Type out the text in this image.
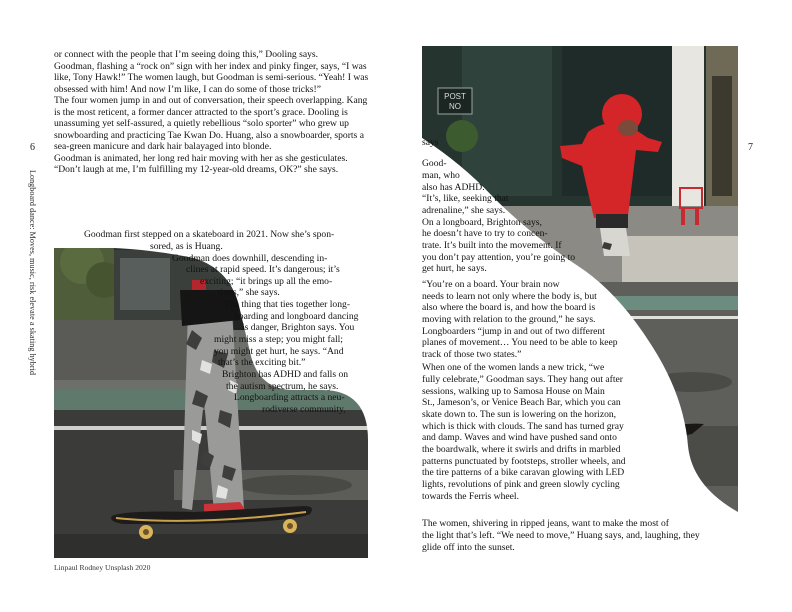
6
Longboard dance: Moves, music, risk elevate a skating hybrid

or connect with the people that I’m seeing doing this,” Dooling says.

Goodman, flashing a “rock on” sign with her index and pinky finger, says, “I was like, Tony Hawk!” The women laugh, but Goodman is semi-serious. “Yeah! I was obsessed with him! And now I’m like, I can do some of those tricks!”

The four women jump in and out of conversation, their speech overlapping. Kang is the most reticent, a former dancer attracted to the sport’s grace. Dooling is unassuming yet self-assured, a quietly rebellious “solo sporter” who grew up snowboarding and practicing Tae Kwan Do. Huang, also a snowboarder, sports a sea-green manicure and dark hair balayaged into blonde.

Goodman is animated, her long red hair moving with her as she gesticulates.

“Don’t laugh at me, I’m fulfilling my 12-year-old dreams, OK?” she says.

Goodman first stepped on a skateboard in 2021. Now she’s spon-

sored, as is Huang.

Goodman does downhill, descending in-

clines at rapid speed. It’s dangerous; it’s

exciting; “it brings up all the emo-

tions,” she says.

The thing that ties together long-

boarding and longboard dancing

is danger, Brighton says. You

might miss a step; you might fall;

you might get hurt, he says. “And

that’s the exciting bit.”

Brighton has ADHD and falls on

the autism spectrum, he says.

Longboarding attracts a neu-

rodiverse community,

Linpaul Rodney Unsplash 2020
7
POST
NO

says

Good-

man, who

also has ADHD.

“It’s, like, seeking that

adrenaline,” she says.

On a longboard, Brighton says,

he doesn’t have to try to concen-

trate. It’s built into the movement. If

you don’t pay attention, you’re going to

get hurt, he says.

“You’re on a board. Your brain now

needs to learn not only where the body is, but

also where the board is, and how the board is

moving with relation to the ground,” he says.

Longboarders “jump in and out of two different

planes of movement… You need to be able to keep

track of those two states.”

When one of the women lands a new trick, “we

fully celebrate,” Goodman says. They hang out after

sessions, walking up to Samosa House on Main

St., Jameson’s, or Venice Beach Bar, which you can

skate down to. The sun is lowering on the horizon,

which is thick with clouds. The sand has turned gray

and damp. Waves and wind have pushed sand onto

the boardwalk, where it swirls and drifts in marbled

patterns punctuated by footsteps, stroller wheels, and

the tire patterns of a bike caravan glowing with LED

lights, revolutions of pink and green slowly cycling

towards the Ferris wheel.

The women, shivering in ripped jeans, want to make the most of

the light that’s left. “We need to move,” Huang says, and, laughing, they

glide off into the sunset.
